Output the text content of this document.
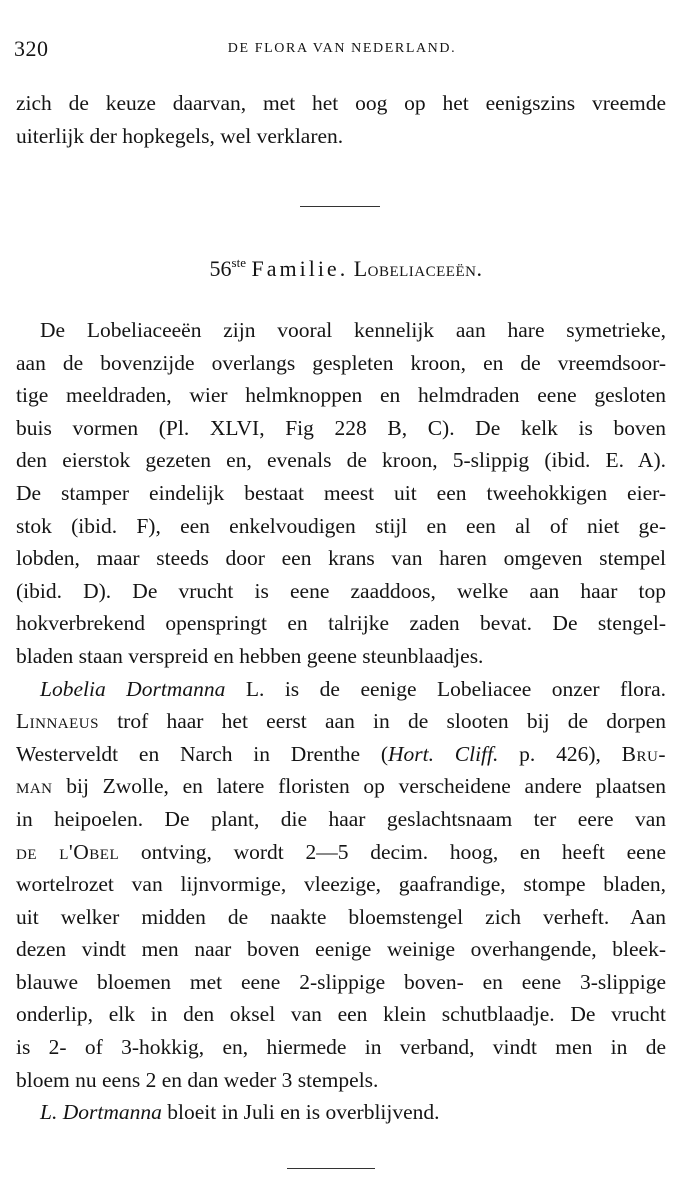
320	DE FLORA VAN NEDERLAND.

zich de keuze daarvan, met het oog op het eenigszins vreemde

uiterlijk der hopkegels, wel verklaren.

56ste Familie. Lobeliaceeën.

De Lobeliaceeën zijn vooral kennelijk aan hare symetrieke,

aan de bovenzijde overlangs gespleten kroon, en de vreemdsoor-

tige meeldraden, wier helmknoppen en helmdraden eene gesloten

buis vormen (Pl. XLVI, Fig 228 B, C). De kelk is boven

den eierstok gezeten en, evenals de kroon, 5-slippig (ibid. E. A).

De stamper eindelijk bestaat meest uit een tweehokkigen eier-

stok (ibid. F), een enkelvoudigen stijl en een al of niet ge-

lobden, maar steeds door een krans van haren omgeven stempel

(ibid. D). De vrucht is eene zaaddoos, welke aan haar top

hokverbrekend openspringt en talrijke zaden bevat. De stengel-

bladen staan verspreid en hebben geene steunblaadjes.

Lobelia Dortmanna L. is de eenige Lobeliacee onzer flora.

Linnaeus trof haar het eerst aan in de slooten bij de dorpen

Westerveldt en Narch in Drenthe (Hort. Cliff. p. 426), Bru-

man bij Zwolle, en latere floristen op verscheidene andere plaatsen

in heipoelen. De plant, die haar geslachtsnaam ter eere van

de l'Obel ontving, wordt 2—5 decim. hoog, en heeft eene

wortelrozet van lijnvormige, vleezige, gaafrandige, stompe bladen,

uit welker midden de naakte bloemstengel zich verheft. Aan

dezen vindt men naar boven eenige weinige overhangende, bleek-

blauwe bloemen met eene 2-slippige boven- en eene 3-slippige

onderlip, elk in den oksel van een klein schutblaadje. De vrucht

is 2- of 3-hokkig, en, hiermede in verband, vindt men in de

bloem nu eens 2 en dan weder 3 stempels.

L. Dortmanna bloeit in Juli en is overblijvend.
